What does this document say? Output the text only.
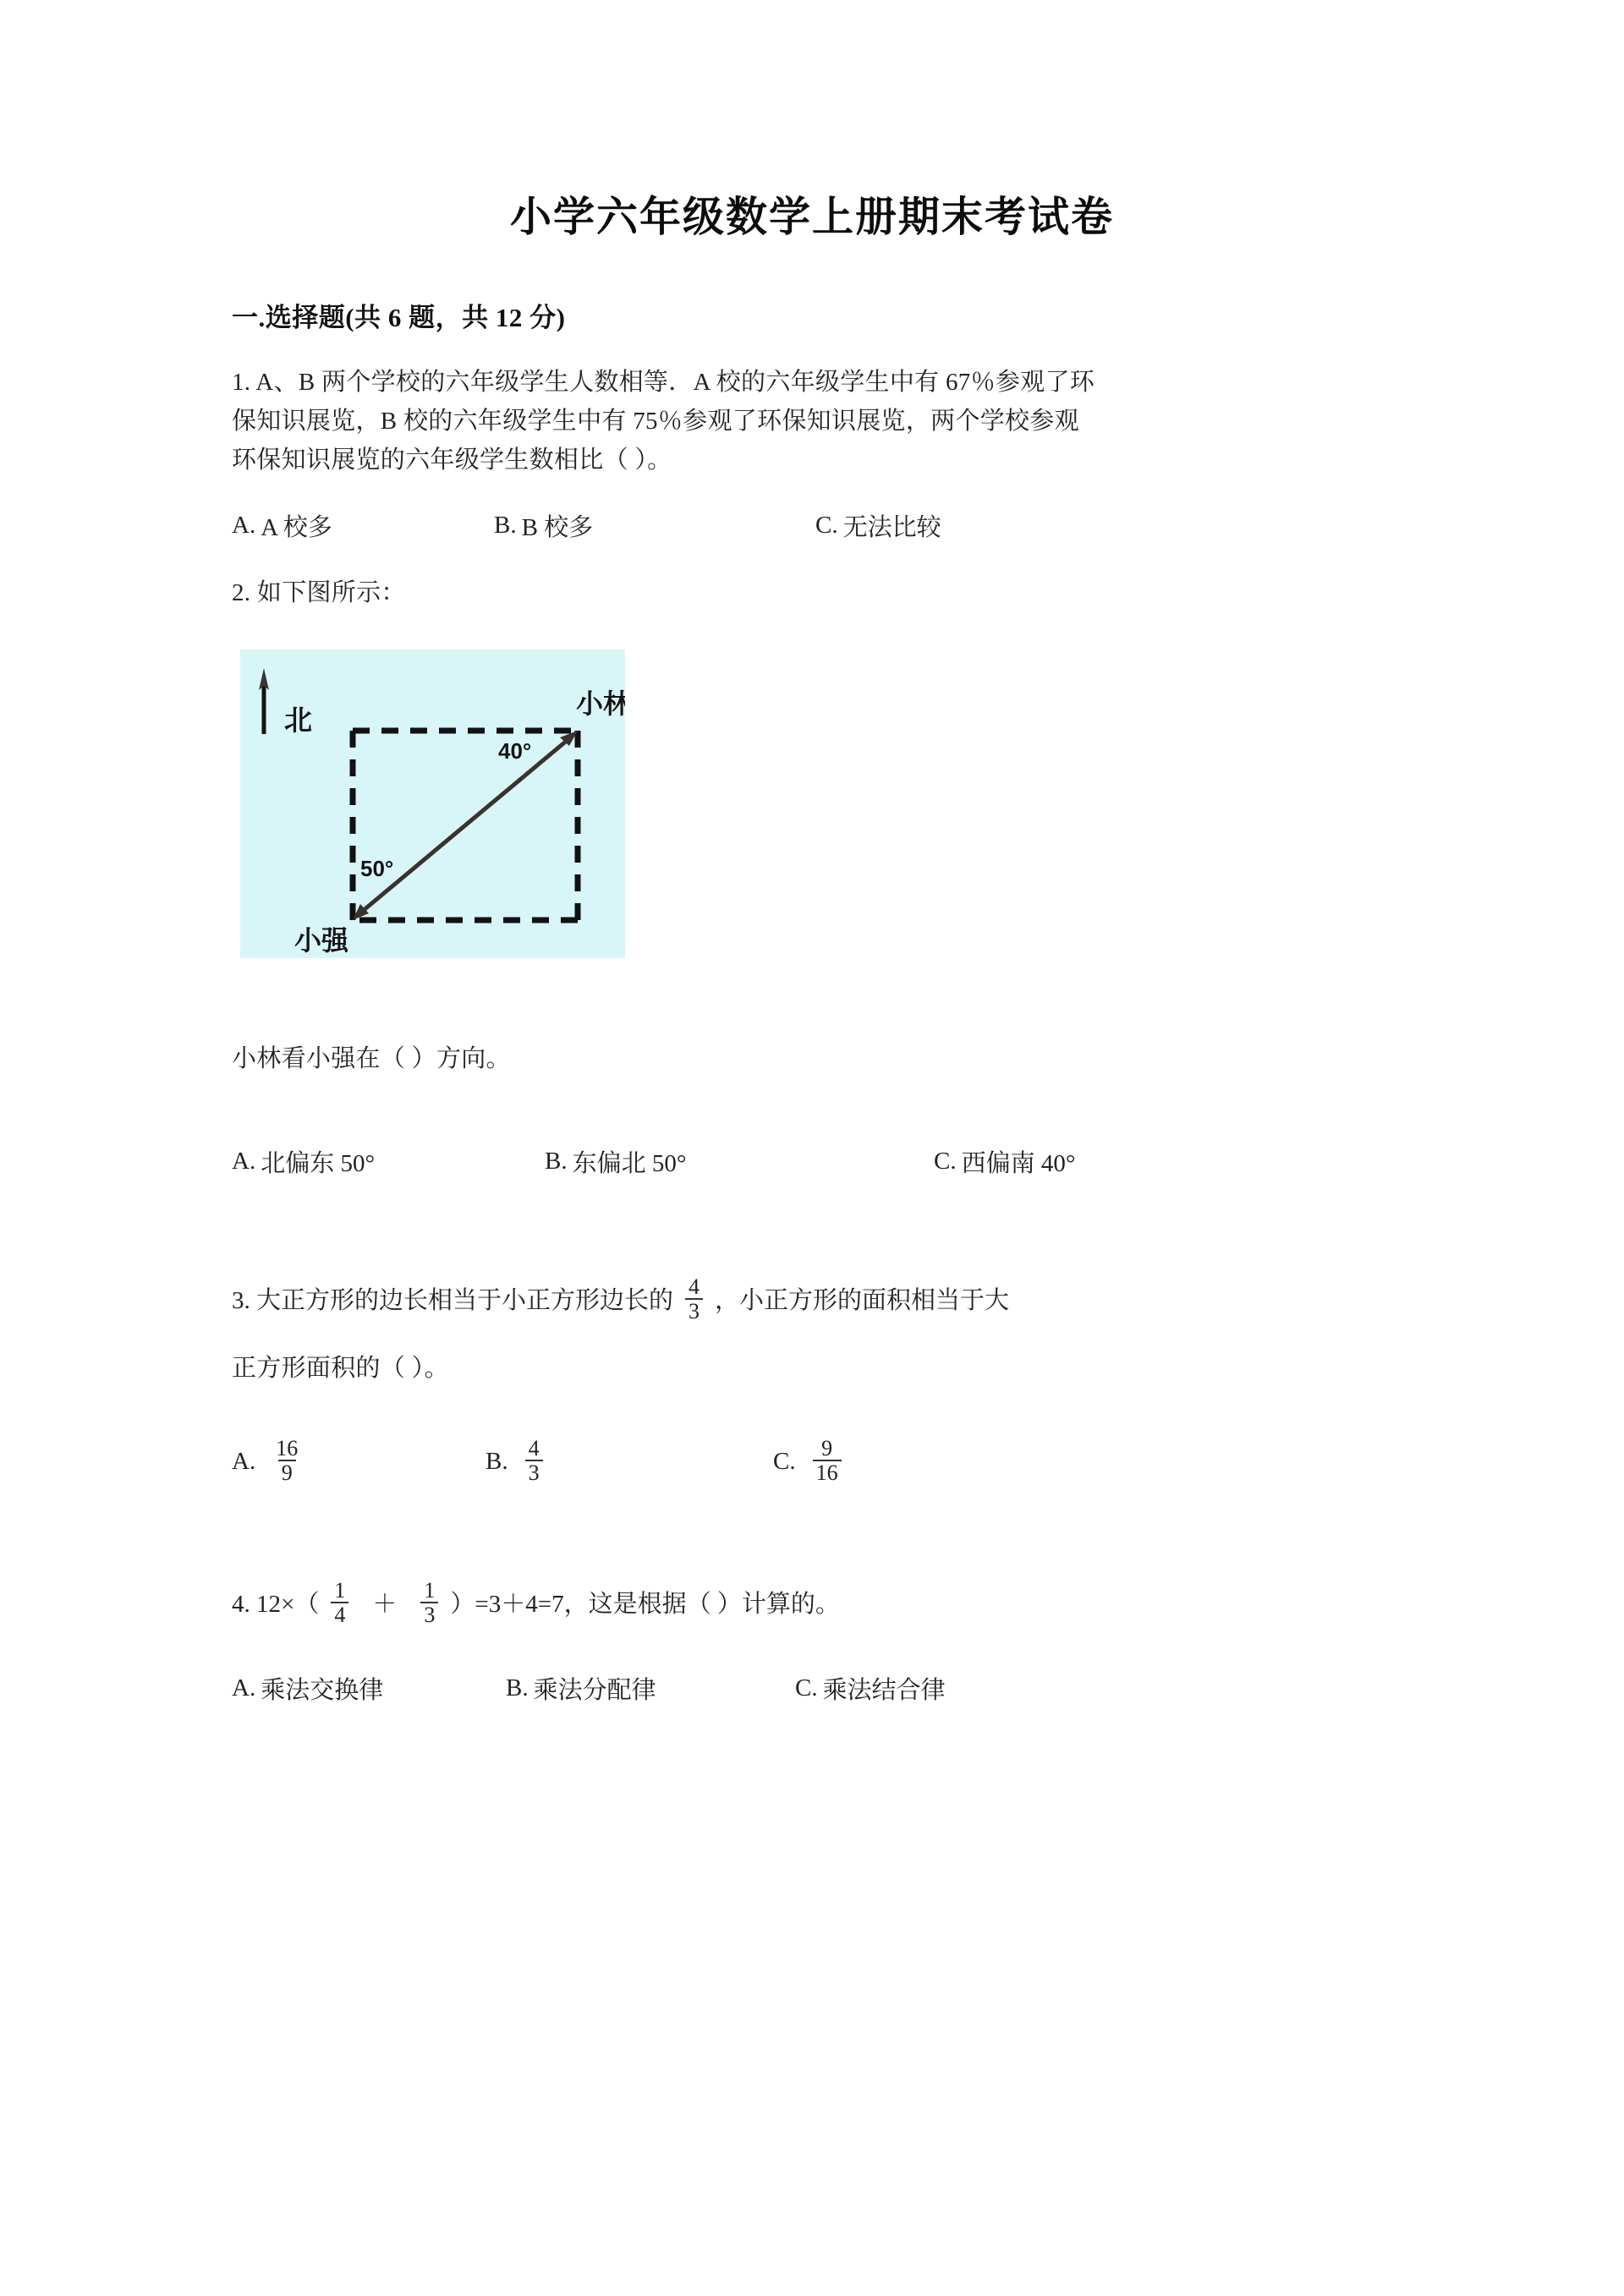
小学六年级数学上册期末考试卷
一.选择题(共 6 题，共 12 分)
1. A、B 两个学校的六年级学生人数相等．A 校的六年级学生中有 67％参观了环
保知识展览，B 校的六年级学生中有 75％参观了环保知识展览，两个学校参观
环保知识展览的六年级学生数相比（ ）。
A. A 校多	B. B 校多	C. 无法比较
2. 如下图所示：
北
40°
50°
小林
小强
小林看小强在（ ）方向。
A. 北偏东 50°	B. 东偏北 50°	C. 西偏南 40°
3. 大正方形的边长相当于小正方形边长的 $\frac{4}{3}$ ，小正方形的面积相当于大
正方形面积的（ ）。
A. $\frac{16}{9}$	B. $\frac{4}{3}$	C. $\frac{9}{16}$
4. $12\times( \frac{1}{4} + \frac{1}{3} )=3+4=7$，这是根据（ ）计算的。
A. 乘法交换律	B. 乘法分配律	C. 乘法结合律
